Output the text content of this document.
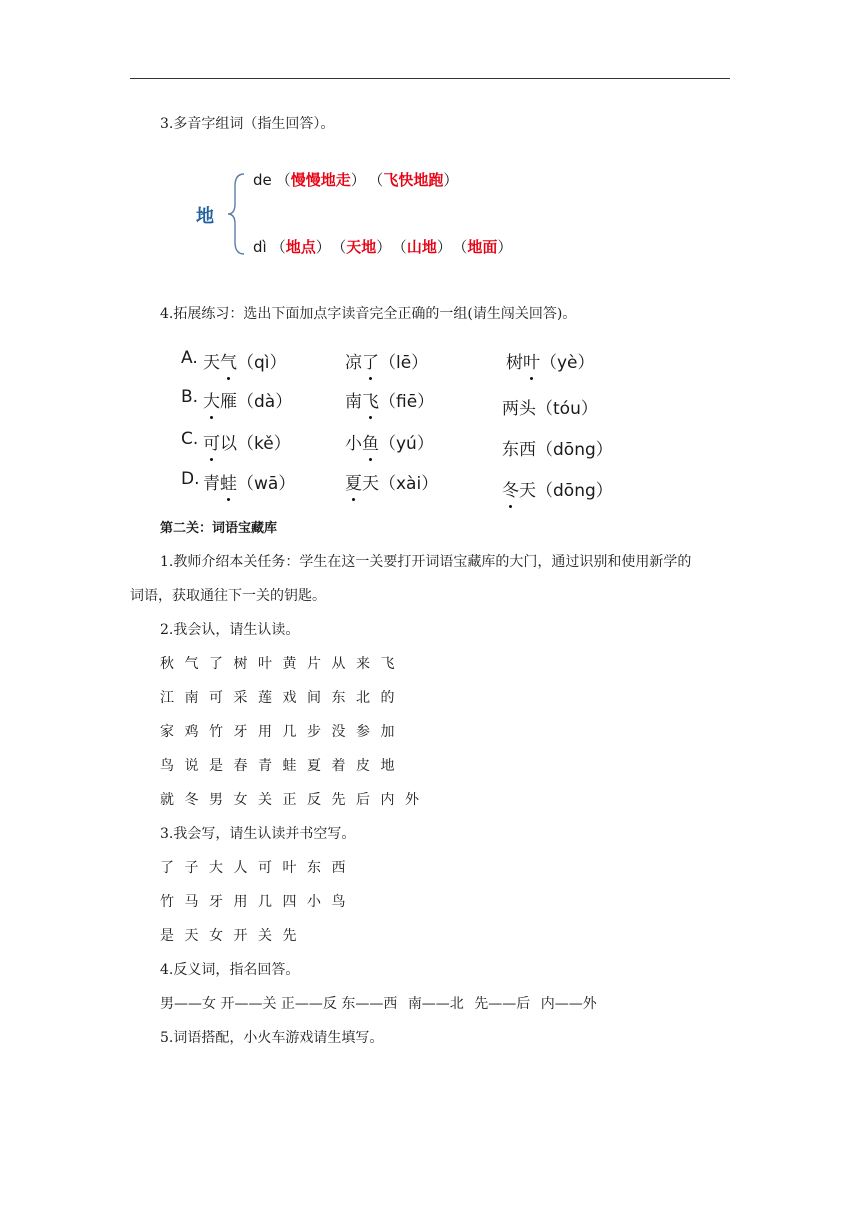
3.多音字组词（指生回答）。
地
de （慢慢地走） （飞快地跑）
dì （地点） （天地） （山地） （地面）
4.拓展练习：选出下面加点字读音完全正确的一组(请生闯关回答)。
A. 天气（qì）	凉了（lē）	树叶（yè）
B. 大雁（dà）	南飞（fiē）	两头（tóu）
C. 可以（kě）	小鱼（yú）	东西（dōng）
D. 青蛙（wā）	夏天（xài）	冬天（dōng）
第二关：词语宝藏库
1.教师介绍本关任务：学生在这一关要打开词语宝藏库的大门，通过识别和使用新学的
词语，获取通往下一关的钥匙。
2.我会认，请生认读。
秋 气 了 树 叶 黄 片 从 来 飞
江 南 可 采 莲 戏 间 东 北 的
家 鸡 竹 牙 用 几 步 没 参 加
鸟 说 是 春 青 蛙 夏 着 皮 地
就 冬 男 女 关 正 反 先 后 内 外
3.我会写，请生认读并书空写。
了 子 大 人 可 叶 东 西
竹 马 牙 用 几 四 小 鸟
是 天 女 开 关 先
4.反义词，指名回答。
男——女 开——关 正——反 东——西 南——北 先——后 内——外
5.词语搭配，小火车游戏请生填写。
